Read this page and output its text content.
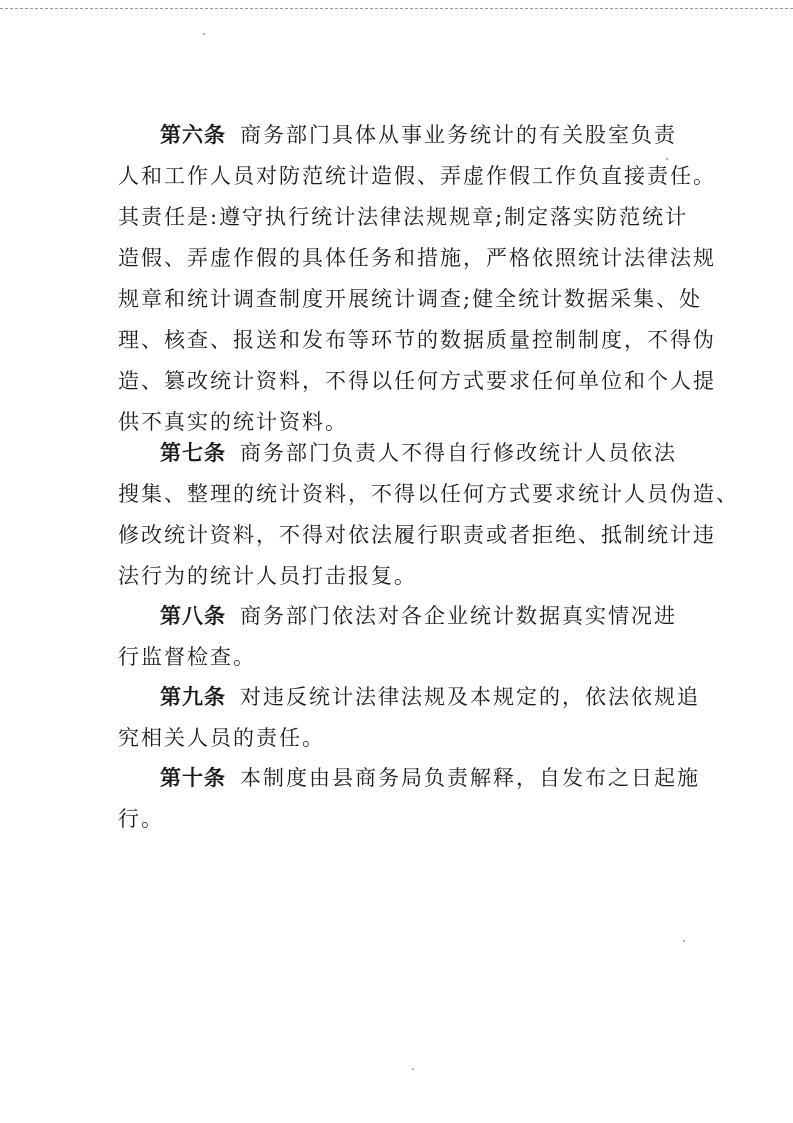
第六条 商务部门具体从事业务统计的有关股室负责
人和工作人员对防范统计造假、弄虚作假工作负直接责任。
其责任是:遵守执行统计法律法规规章;制定落实防范统计
造假、弄虚作假的具体任务和措施，严格依照统计法律法规
规章和统计调查制度开展统计调查;健全统计数据采集、处
理、核查、报送和发布等环节的数据质量控制制度，不得伪
造、篡改统计资料，不得以任何方式要求任何单位和个人提
供不真实的统计资料。
第七条 商务部门负责人不得自行修改统计人员依法
搜集、整理的统计资料，不得以任何方式要求统计人员伪造、
修改统计资料，不得对依法履行职责或者拒绝、抵制统计违
法行为的统计人员打击报复。
第八条 商务部门依法对各企业统计数据真实情况进
行监督检查。
第九条 对违反统计法律法规及本规定的，依法依规追
究相关人员的责任。
第十条 本制度由县商务局负责解释，自发布之日起施
行。
